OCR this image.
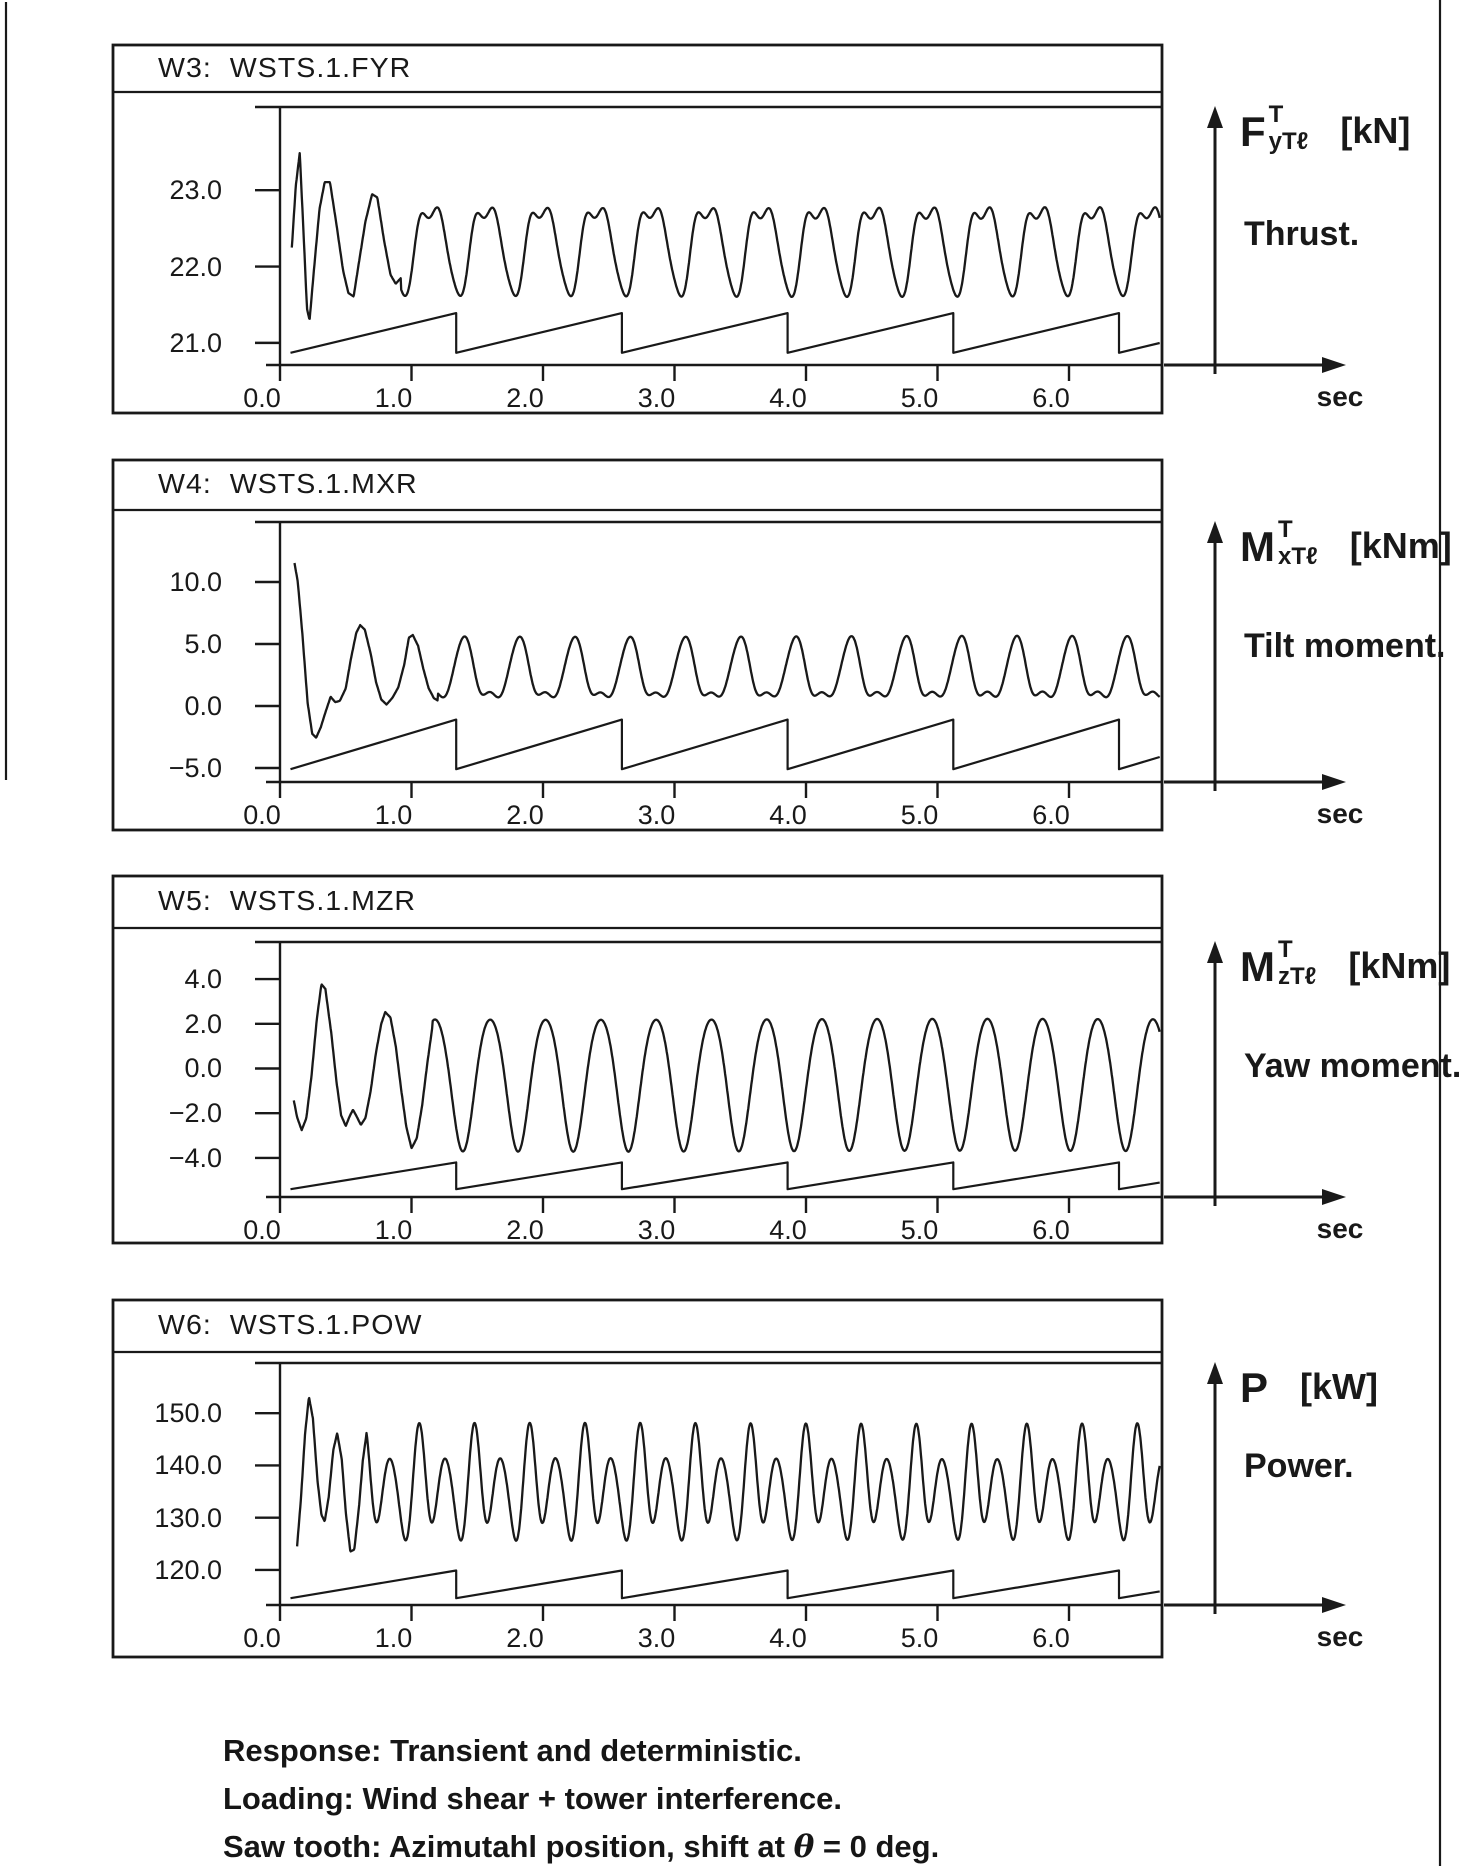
W3:  WSTS.1.FYR
23.0
22.0
21.0
0.0	1.0	2.0	3.0	4.0	5.0	6.0	sec
F T
yTℓ [kN]
Thrust.
W4:  WSTS.1.MXR
10.0
5.0
0.0
−5.0
0.0	1.0	2.0	3.0	4.0	5.0	6.0	sec
M T
xTℓ [kNm]
Tilt moment.
W5:  WSTS.1.MZR
4.0
2.0
0.0
−2.0
−4.0
0.0	1.0	2.0	3.0	4.0	5.0	6.0	sec
M T
zTℓ [kNm]
Yaw moment.
W6:  WSTS.1.POW
150.0
140.0
130.0
120.0
0.0	1.0	2.0	3.0	4.0	5.0	6.0	sec
P [kW]
Power.
Response: Transient and deterministic.
Loading: Wind shear + tower interference.
Saw tooth: Azimutahl position, shift at θ = 0 deg.
